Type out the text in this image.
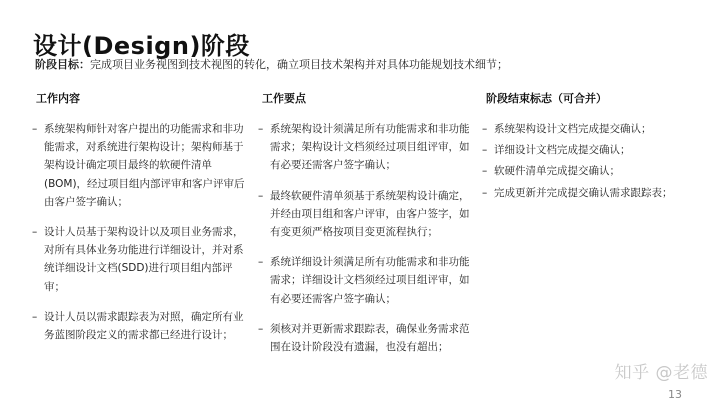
设计(Design)阶段
阶段目标：完成项目业务视图到技术视图的转化，确立项目技术架构并对具体功能规划技术细节；
工作内容
– 系统架构师针对客户提出的功能需求和非功能需求，对系统进行架构设计；架构师基于架构设计确定项目最终的软硬件清单(BOM)，经过项目组内部评审和客户评审后由客户签字确认；
– 设计人员基于架构设计以及项目业务需求，对所有具体业务功能进行详细设计，并对系统详细设计文档(SDD)进行项目组内部评审；
– 设计人员以需求跟踪表为对照，确定所有业务蓝图阶段定义的需求都已经进行设计；
工作要点
– 系统架构设计须满足所有功能需求和非功能需求；架构设计文档须经过项目组评审，如有必要还需客户签字确认；
– 最终软硬件清单须基于系统架构设计确定，并经由项目组和客户评审，由客户签字，如有变更须严格按项目变更流程执行；
– 系统详细设计须满足所有功能需求和非功能需求；详细设计文档须经过项目组评审，如有必要还需客户签字确认；
– 须核对并更新需求跟踪表，确保业务需求范围在设计阶段没有遗漏，也没有超出；
阶段结束标志（可合并）
– 系统架构设计文档完成提交确认；
– 详细设计文档完成提交确认；
– 软硬件清单完成提交确认；
– 完成更新并完成提交确认需求跟踪表；
知乎 @老德
13
